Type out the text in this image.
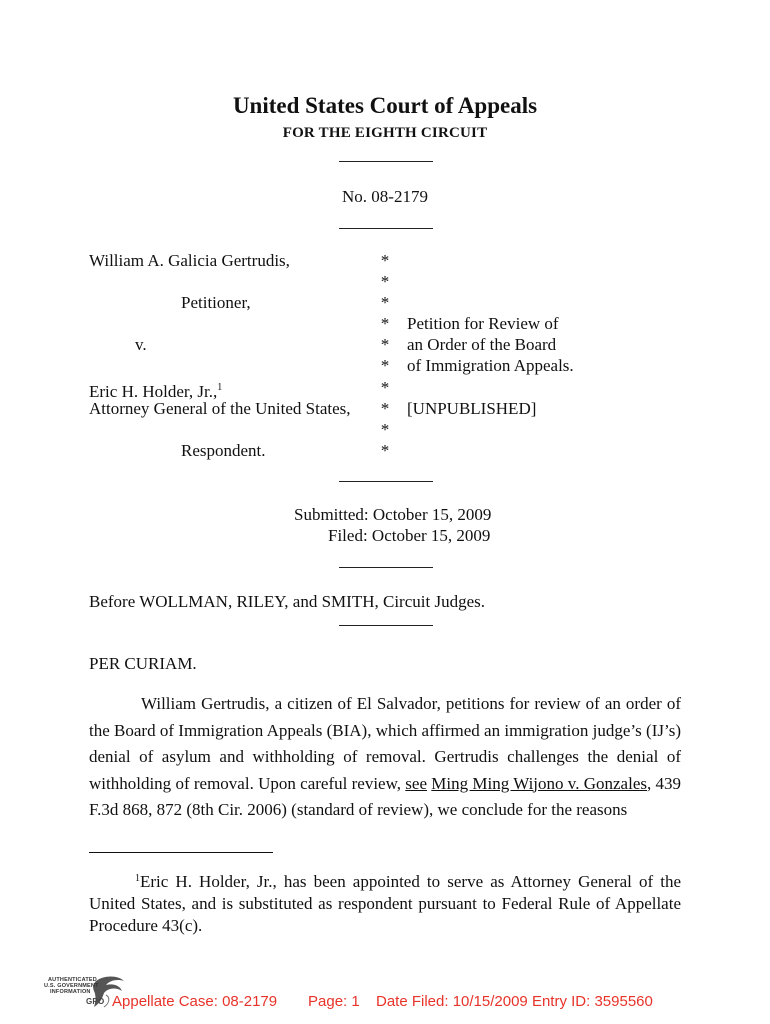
United States Court of Appeals
FOR THE EIGHTH CIRCUIT
No. 08-2179
William A. Galicia Gertrudis,
Petitioner,
v.
Eric H. Holder, Jr.,$^1$
Attorney General of the United States,
Respondent.
*
*
*
*
*
*
*
*
*
*
Petition for Review of
an Order of the Board
of Immigration Appeals.
[UNPUBLISHED]
Submitted: October 15, 2009
Filed: October 15, 2009
Before WOLLMAN, RILEY, and SMITH, Circuit Judges.
PER CURIAM.
William Gertrudis, a citizen of El Salvador, petitions for review of an order of the Board of Immigration Appeals (BIA), which affirmed an immigration judge’s (IJ’s) denial of asylum and withholding of removal. Gertrudis challenges the denial of withholding of removal. Upon careful review, see Ming Ming Wijono v. Gonzales, 439 F.3d 868, 872 (8th Cir. 2006) (standard of review), we conclude for the reasons
$^1$Eric H. Holder, Jr., has been appointed to serve as Attorney General of the United States, and is substituted as respondent pursuant to Federal Rule of Appellate Procedure 43(c).
AUTHENTICATED
U.S. GOVERNMENT
INFORMATION
GPO Appellate Case: 08-2179 Page: 1 Date Filed: 10/15/2009 Entry ID: 3595560
